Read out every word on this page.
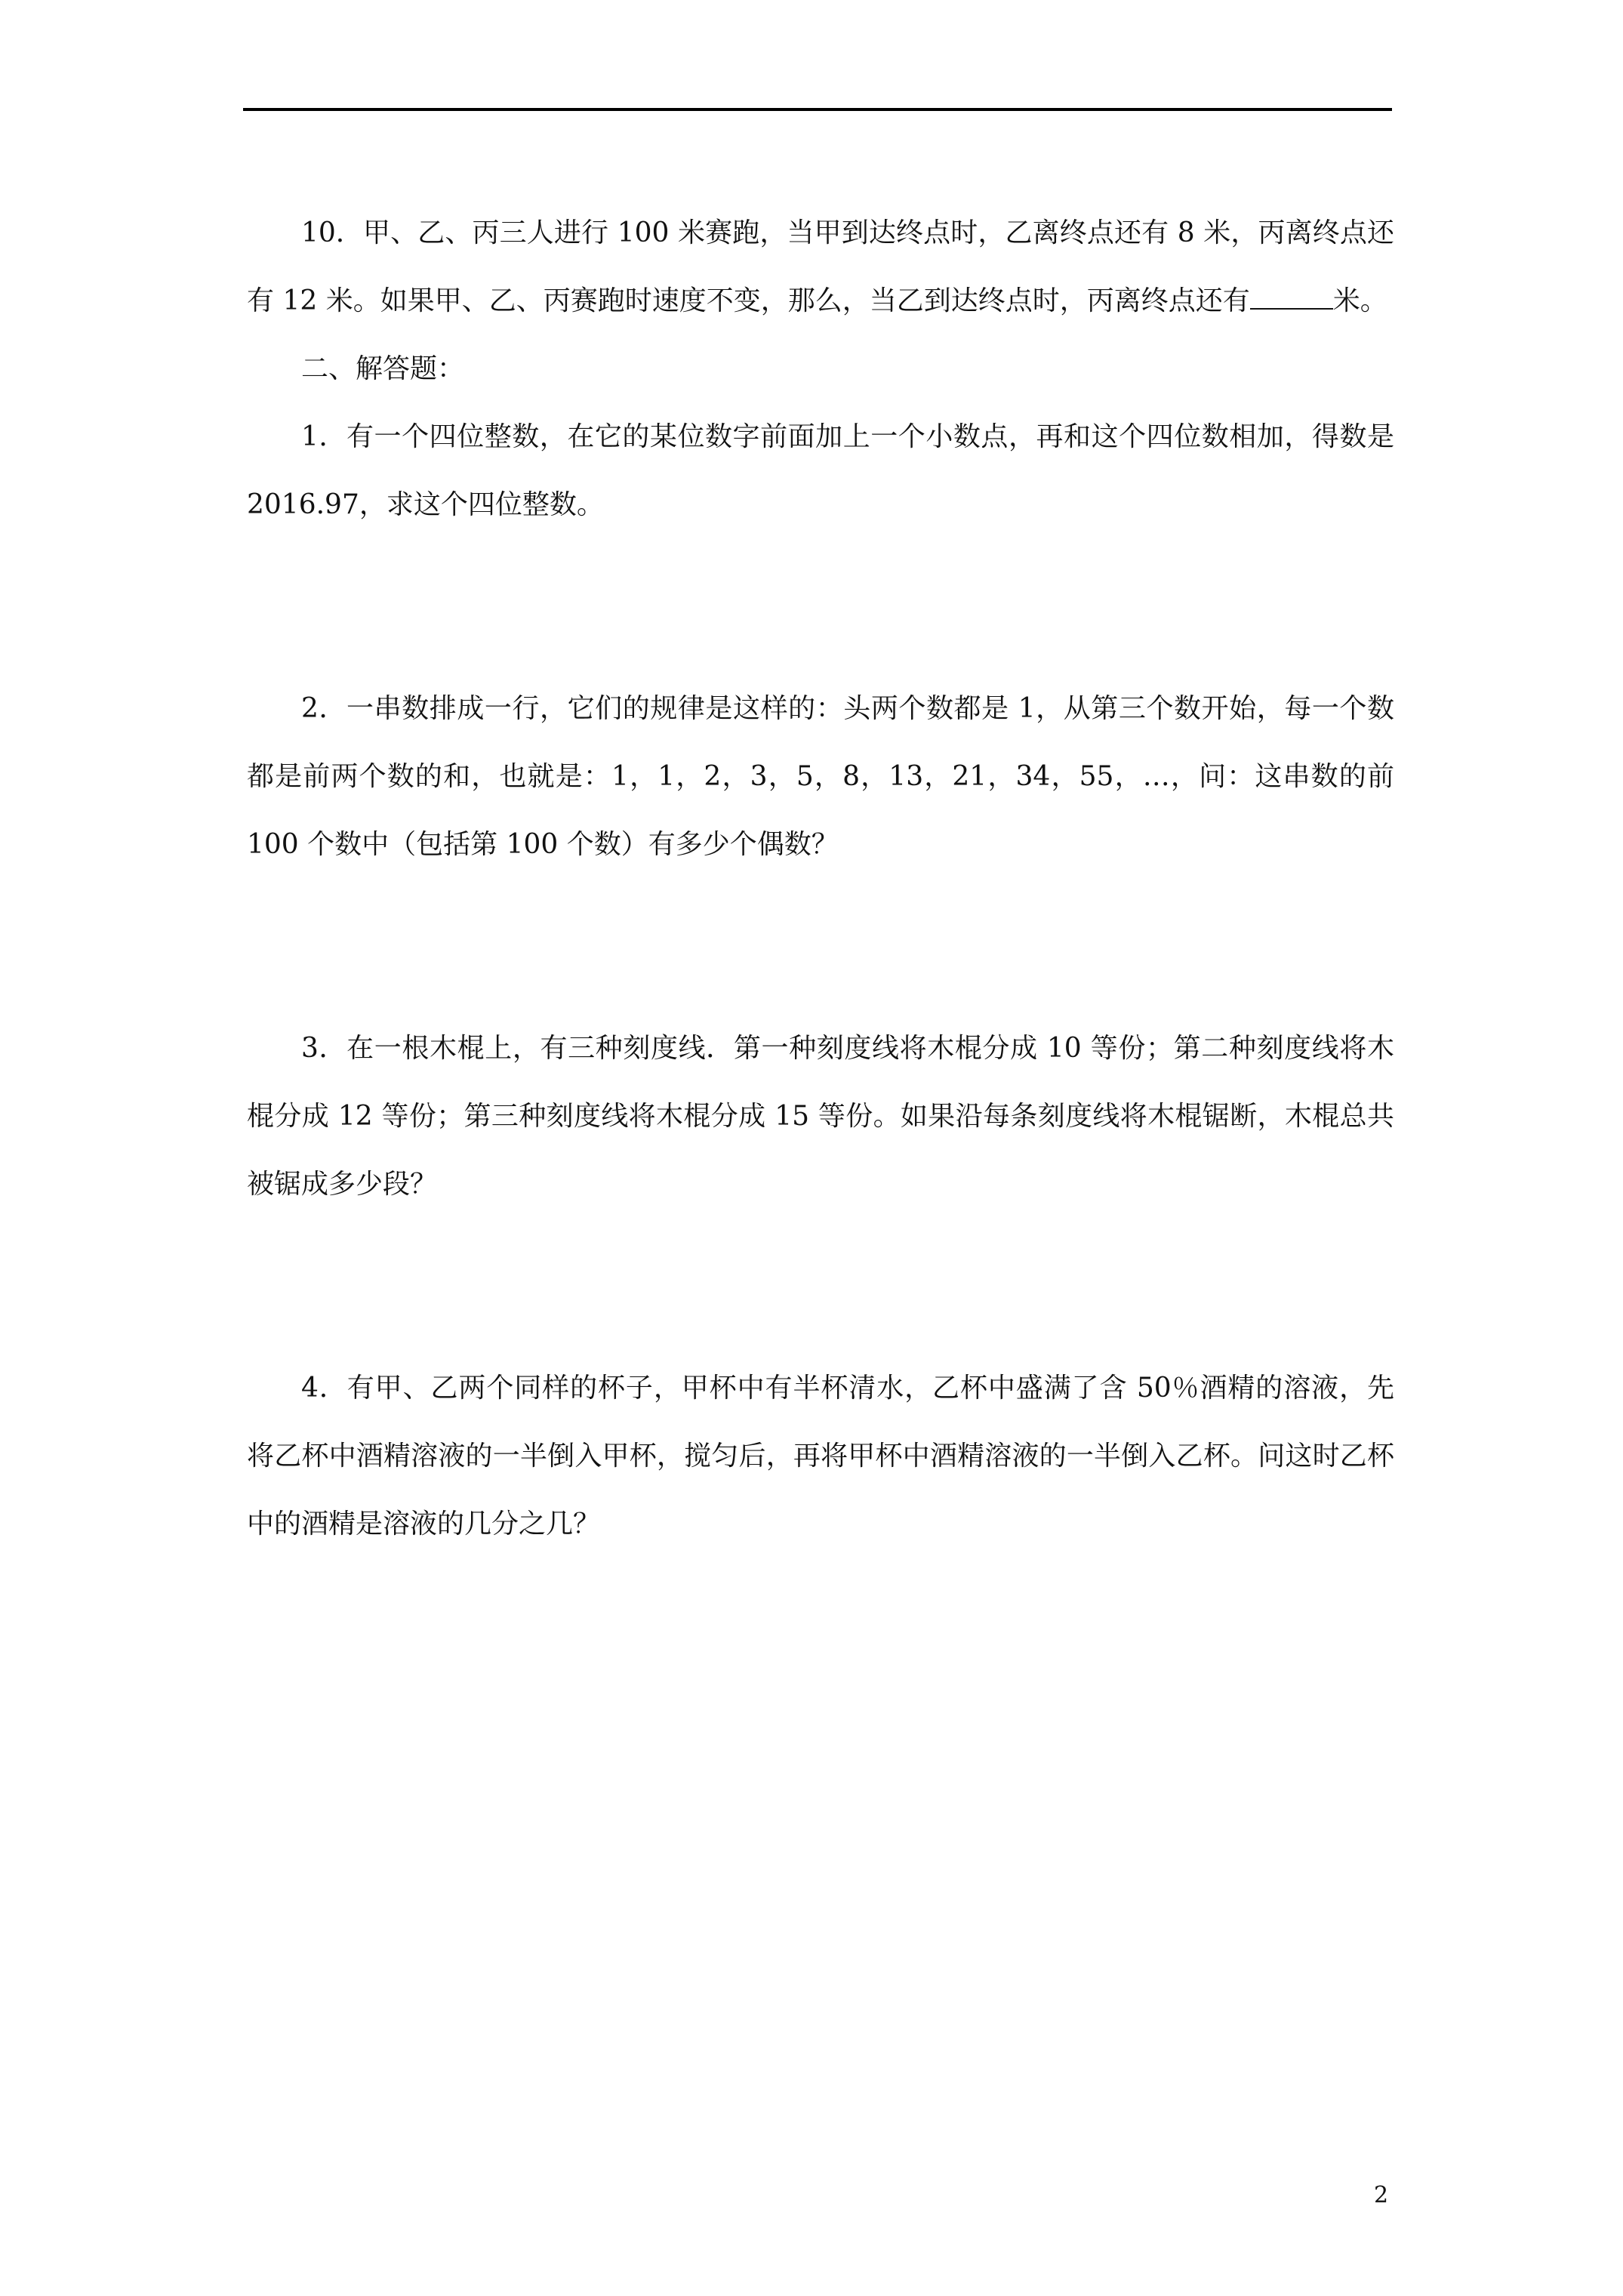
10．甲、乙、丙三人进行 100 米赛跑，当甲到达终点时，乙离终点还有 8 米，丙离终点还有 12 米。如果甲、乙、丙赛跑时速度不变，那么，当乙到达终点时，丙离终点还有	米。

二、解答题：

1．有一个四位整数，在它的某位数字前面加上一个小数点，再和这个四位数相加，得数是 2016.97，求这个四位整数。

2．一串数排成一行，它们的规律是这样的：头两个数都是 1，从第三个数开始，每一个数都是前两个数的和，也就是：1，1，2，3，5，8，13，21，34，55，…，问：这串数的前 100 个数中（包括第 100 个数）有多少个偶数？

3．在一根木棍上，有三种刻度线．第一种刻度线将木棍分成 10 等份；第二种刻度线将木棍分成 12 等份；第三种刻度线将木棍分成 15 等份。如果沿每条刻度线将木棍锯断，木棍总共被锯成多少段？

4．有甲、乙两个同样的杯子，甲杯中有半杯清水，乙杯中盛满了含 50％酒精的溶液，先将乙杯中酒精溶液的一半倒入甲杯，搅匀后，再将甲杯中酒精溶液的一半倒入乙杯。问这时乙杯中的酒精是溶液的几分之几？

2
